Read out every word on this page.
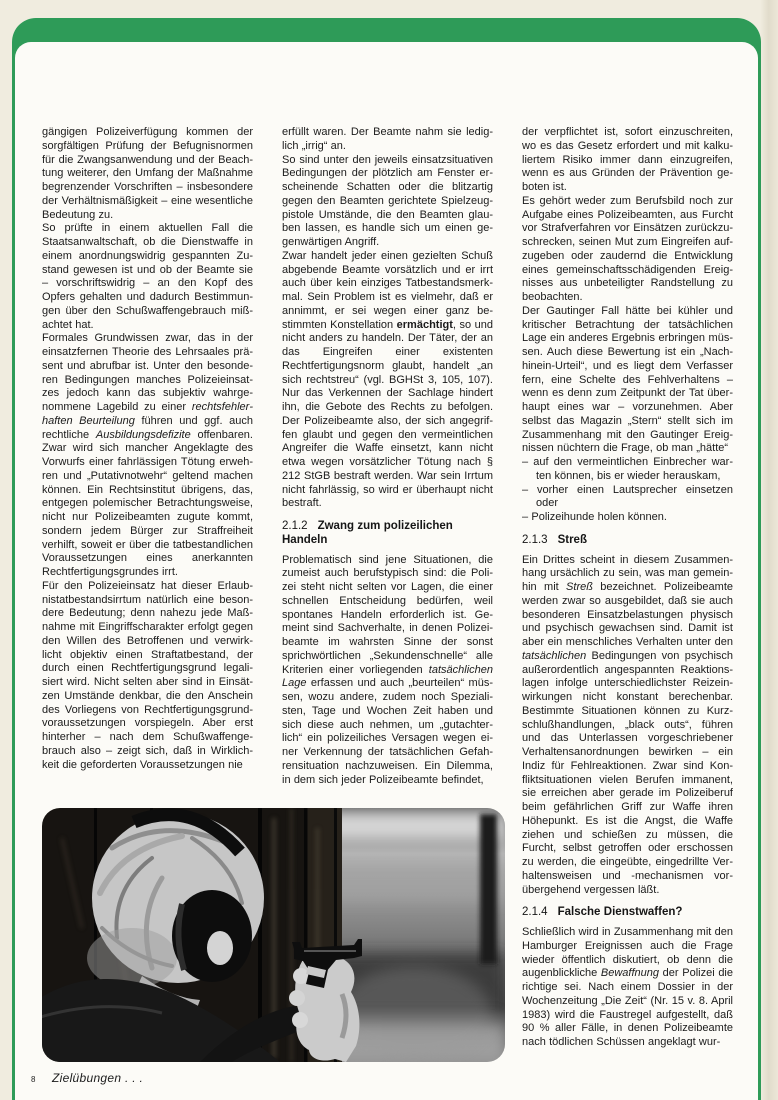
gängigen Polizeiverfügung kommen der sorgfältigen Prüfung der Befugnisnormen für die Zwangsanwendung und der Beachtung weiterer, den Umfang der Maßnahme begrenzender Vorschriften – insbesondere der Verhältnismäßigkeit – eine wesentliche Bedeutung zu.

So prüfte in einem aktuellen Fall die Staatsanwaltschaft, ob die Dienstwaffe in einem anordnungswidrig gespannten Zustand gewesen ist und ob der Beamte sie – vorschriftswidrig – an den Kopf des Opfers gehalten und dadurch Bestimmungen über den Schußwaffengebrauch mißachtet hat.

Formales Grundwissen zwar, das in der einsatzfernen Theorie des Lehrsaales präsent und abrufbar ist. Unter den besonderen Bedingungen manches Polizeieinsatzes jedoch kann das subjektiv wahrgenommene Lagebild zu einer rechtsfehlerhaften Beurteilung führen und ggf. auch rechtliche Ausbildungsdefizite offenbaren. Zwar wird sich mancher Angeklagte des Vorwurfs einer fahrlässigen Tötung erwehren und „Putativnotwehr“ geltend machen können. Ein Rechtsinstitut übrigens, das, entgegen polemischer Betrachtungsweise, nicht nur Polizeibeamten zugute kommt, sondern jedem Bürger zur Straffreiheit verhilft, soweit er über die tatbestandlichen Voraussetzungen eines anerkannten Rechtfertigungsgrundes irrt.

Für den Polizeieinsatz hat dieser Erlaubnistatbestandsirrtum natürlich eine besondere Bedeutung; denn nahezu jede Maßnahme mit Eingriffscharakter erfolgt gegen den Willen des Betroffenen und verwirklicht objektiv einen Straftatbestand, der durch einen Rechtfertigungsgrund legalisiert wird. Nicht selten aber sind in Einsätzen Umstände denkbar, die den Anschein des Vorliegens von Rechtfertigungsgrundvoraussetzungen vorspiegeln. Aber erst hinterher – nach dem Schußwaffengebrauch also – zeigt sich, daß in Wirklichkeit die geforderten Voraussetzungen nie

erfüllt waren. Der Beamte nahm sie lediglich „irrig“ an.

So sind unter den jeweils einsatzsituativen Bedingungen der plötzlich am Fenster erscheinende Schatten oder die blitzartig gegen den Beamten gerichtete Spielzeugpistole Umstände, die den Beamten glauben lassen, es handle sich um einen gegenwärtigen Angriff.

Zwar handelt jeder einen gezielten Schuß abgebende Beamte vorsätzlich und er irrt auch über kein einziges Tatbestandsmerkmal. Sein Problem ist es vielmehr, daß er annimmt, er sei wegen einer ganz bestimmten Konstellation ermächtigt, so und nicht anders zu handeln. Der Täter, der an das Eingreifen einer existenten Rechtfertigungsnorm glaubt, handelt „an sich rechtstreu“ (vgl. BGHSt 3, 105, 107). Nur das Verkennen der Sachlage hindert ihn, die Gebote des Rechts zu befolgen. Der Polizeibeamte also, der sich angegriffen glaubt und gegen den vermeintlichen Angreifer die Waffe einsetzt, kann nicht etwa wegen vorsätzlicher Tötung nach § 212 StGB bestraft werden. War sein Irrtum nicht fahrlässig, so wird er überhaupt nicht bestraft.

2.1.2 Zwang zum polizeilichen Handeln

Problematisch sind jene Situationen, die zumeist auch berufstypisch sind: die Polizei steht nicht selten vor Lagen, die einer schnellen Entscheidung bedürfen, weil spontanes Handeln erforderlich ist. Gemeint sind Sachverhalte, in denen Polizeibeamte im wahrsten Sinne der sonst sprichwörtlichen „Sekundenschnelle“ alle Kriterien einer vorliegenden tatsächlichen Lage erfassen und auch „beurteilen“ müssen, wozu andere, zudem noch Spezialisten, Tage und Wochen Zeit haben und sich diese auch nehmen, um „gutachterlich“ ein polizeiliches Versagen wegen einer Verkennung der tatsächlichen Gefahrensituation nachzuweisen. Ein Dilemma, in dem sich jeder Polizeibeamte befindet,

8	Zielübungen . . .

der verpflichtet ist, sofort einzuschreiten, wo es das Gesetz erfordert und mit kalkuliertem Risiko immer dann einzugreifen, wenn es aus Gründen der Prävention geboten ist.

Es gehört weder zum Berufsbild noch zur Aufgabe eines Polizeibeamten, aus Furcht vor Strafverfahren vor Einsätzen zurückzuschrecken, seinen Mut zum Eingreifen aufzugeben oder zaudernd die Entwicklung eines gemeinschaftsschädigenden Ereignisses aus unbeteiligter Randstellung zu beobachten.

Der Gautinger Fall hätte bei kühler und kritischer Betrachtung der tatsächlichen Lage ein anderes Ergebnis erbringen müssen. Auch diese Bewertung ist ein „Nachhinein-Urteil“, und es liegt dem Verfasser fern, eine Schelte des Fehlverhaltens – wenn es denn zum Zeitpunkt der Tat überhaupt eines war – vorzunehmen. Aber selbst das Magazin „Stern“ stellt sich im Zusammenhang mit den Gautinger Ereignissen nüchtern die Frage, ob man „hätte“

– auf den vermeintlichen Einbrecher warten können, bis er wieder herauskam,

– vorher einen Lautsprecher einsetzen oder

– Polizeihunde holen können.

2.1.3 Streß

Ein Drittes scheint in diesem Zusammenhang ursächlich zu sein, was man gemeinhin mit Streß bezeichnet. Polizeibeamte werden zwar so ausgebildet, daß sie auch besonderen Einsatzbelastungen physisch und psychisch gewachsen sind. Damit ist aber ein menschliches Verhalten unter den tatsächlichen Bedingungen von psychisch außerordentlich angespannten Reaktionslagen infolge unterschiedlichster Reizeinwirkungen nicht konstant berechenbar. Bestimmte Situationen können zu Kurzschlußhandlungen, „black outs“, führen und das Unterlassen vorgeschriebener Verhaltensanordnungen bewirken – ein Indiz für Fehlreaktionen. Zwar sind Konfliktsituationen vielen Berufen immanent, sie erreichen aber gerade im Polizeiberuf beim gefährlichen Griff zur Waffe ihren Höhepunkt. Es ist die Angst, die Waffe ziehen und schießen zu müssen, die Furcht, selbst getroffen oder erschossen zu werden, die eingeübte, eingedrillte Verhaltensweisen und -mechanismen vorübergehend vergessen läßt.

2.1.4 Falsche Dienstwaffen?

Schließlich wird in Zusammenhang mit den Hamburger Ereignissen auch die Frage wieder öffentlich diskutiert, ob denn die augenblickliche Bewaffnung der Polizei die richtige sei. Nach einem Dossier in der Wochenzeitung „Die Zeit“ (Nr. 15 v. 8. April 1983) wird die Faustregel aufgestellt, daß 90 % aller Fälle, in denen Polizeibeamte nach tödlichen Schüssen angeklagt wur-
